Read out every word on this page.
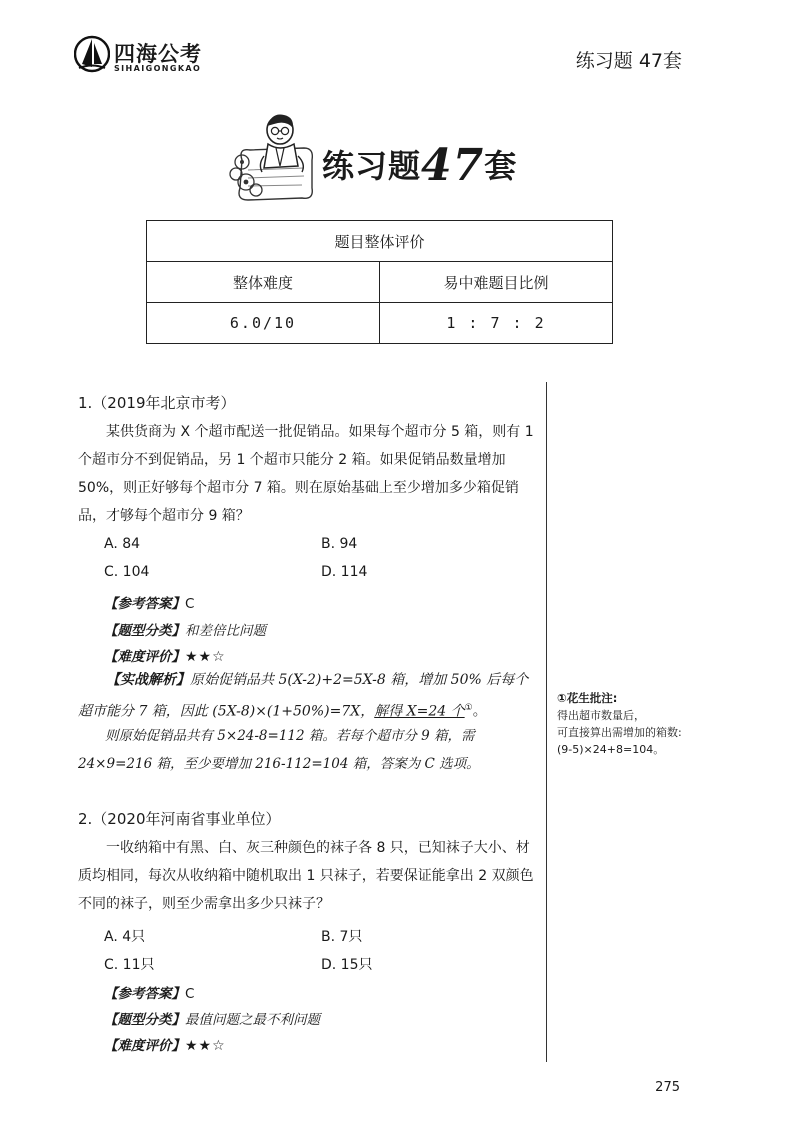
四海公考
SIHAIGONGKAO	练习题 47套
练习题47套
题目整体评价	
整体难度	易中难题目比例
6.0/10	1 : 7 : 2
1.（2019年北京市考）

某供货商为 X 个超市配送一批促销品。如果每个超市分 5 箱，则有 1 个超市分不到促销品，另 1 个超市只能分 2 箱。如果促销品数量增加 50%，则正好够每个超市分 7 箱。则在原始基础上至少增加多少箱促销品，才够每个超市分 9 箱？

A. 84	B. 94
C. 104	D. 114
【参考答案】C
【题型分类】和差倍比问题
【难度评价】★★☆

【实战解析】原始促销品共 5(X-2)+2=5X-8 箱，增加 50% 后每个超市能分 7 箱，因此 (5X-8)×(1+50%)=7X，解得 X=24 个①。

则原始促销品共有 5×24-8=112 箱。若每个超市分 9 箱，需 24×9=216 箱，至少要增加 216-112=104 箱，答案为 C 选项。

①花生批注:
得出超市数量后，
可直接算出需增加的箱数:
(9-5)×24+8=104。
2.（2020年河南省事业单位）

一收纳箱中有黑、白、灰三种颜色的袜子各 8 只，已知袜子大小、材质均相同，每次从收纳箱中随机取出 1 只袜子，若要保证能拿出 2 双颜色不同的袜子，则至少需拿出多少只袜子？

A. 4只	B. 7只
C. 11只	D. 15只
【参考答案】C
【题型分类】最值问题之最不利问题
【难度评价】★★☆
275
